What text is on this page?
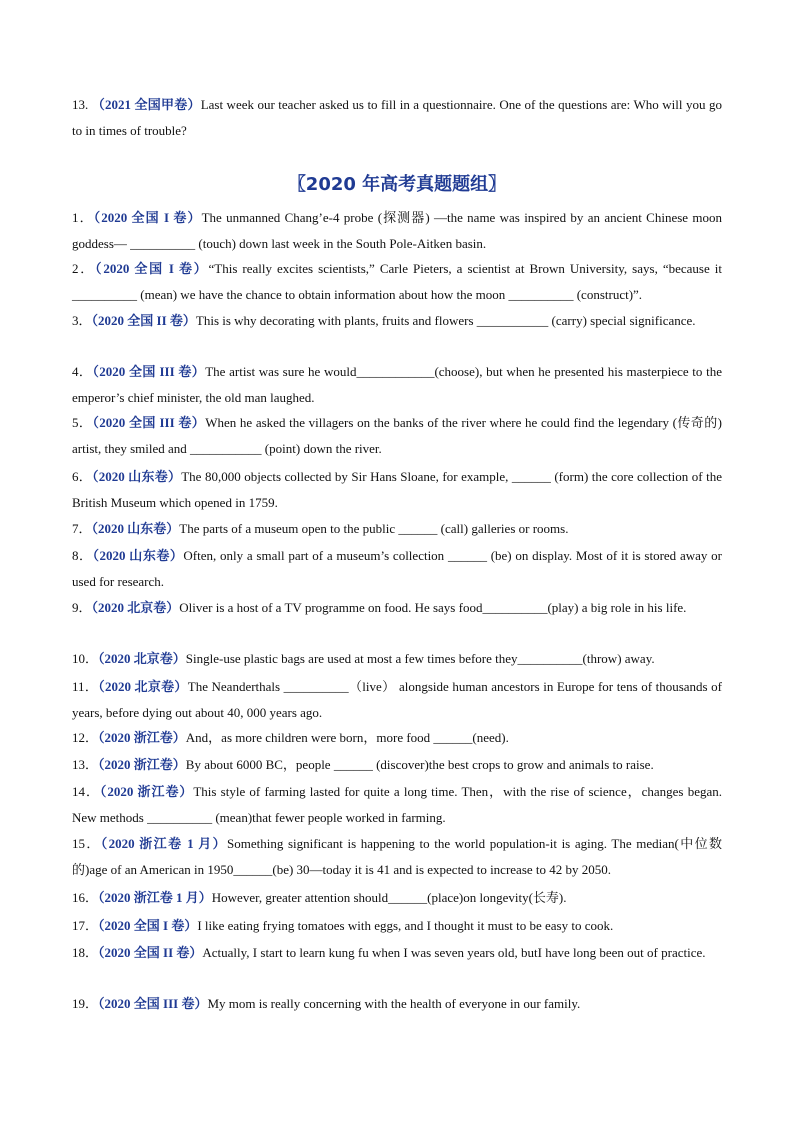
13. （2021 全国甲卷）Last week our teacher asked us to fill in a questionnaire. One of the questions are: Who will you go to in times of trouble?
〖2020 年高考真题题组〗
1．（2020 全国 I 卷）The unmanned Chang’e-4 probe (探测器) —the name was inspired by an ancient Chinese moon goddess— __________ (touch) down last week in the South Pole-Aitken basin.
2．（2020 全国 I 卷）“This really excites scientists,” Carle Pieters, a scientist at Brown University, says, “because it __________ (mean) we have the chance to obtain information about how the moon __________ (construct)”.
3．（2020 全国 II 卷）This is why decorating with plants, fruits and flowers ___________ (carry) special significance.
4．（2020 全国 III 卷）The artist was sure he would____________(choose), but when he presented his masterpiece to the emperor’s chief minister, the old man laughed.
5．（2020 全国 III 卷）When he asked the villagers on the banks of the river where he could find the legendary (传奇的) artist, they smiled and ___________ (point) down the river.
6．（2020 山东卷）The 80,000 objects collected by Sir Hans Sloane, for example, ______ (form) the core collection of the British Museum which opened in 1759.
7．（2020 山东卷）The parts of a museum open to the public ______ (call) galleries or rooms.
8．（2020 山东卷）Often, only a small part of a museum’s collection ______ (be) on display. Most of it is stored away or used for research.
9．（2020 北京卷）Oliver is a host of a TV programme on food. He says food__________(play) a big role in his life.
10．（2020 北京卷）Single-use plastic bags are used at most a few times before they__________(throw) away.
11．（2020 北京卷）The Neanderthals __________（live） alongside human ancestors in Europe for tens of thousands of years, before dying out about 40, 000 years ago.
12．（2020 浙江卷）And，as more children were born，more food ______(need).
13．（2020 浙江卷）By about 6000 BC，people ______ (discover)the best crops to grow and animals to raise.
14．（2020 浙江卷）This style of farming lasted for quite a long time. Then，with the rise of science，changes began. New methods __________ (mean)that fewer people worked in farming.
15．（2020 浙江卷 1 月）Something significant is happening to the world population-it is aging. The median(中位数的)age of an American in 1950______(be) 30—today it is 41 and is expected to increase to 42 by 2050.
16．（2020 浙江卷 1 月）However, greater attention should______(place)on longevity(长寿).
17．（2020 全国 I 卷）I like eating frying tomatoes with eggs, and I thought it must to be easy to cook.
18．（2020 全国 II 卷）Actually, I start to learn kung fu when I was seven years old, butI have long been out of practice.
19．（2020 全国 III 卷）My mom is really concerning with the health of everyone in our family.
